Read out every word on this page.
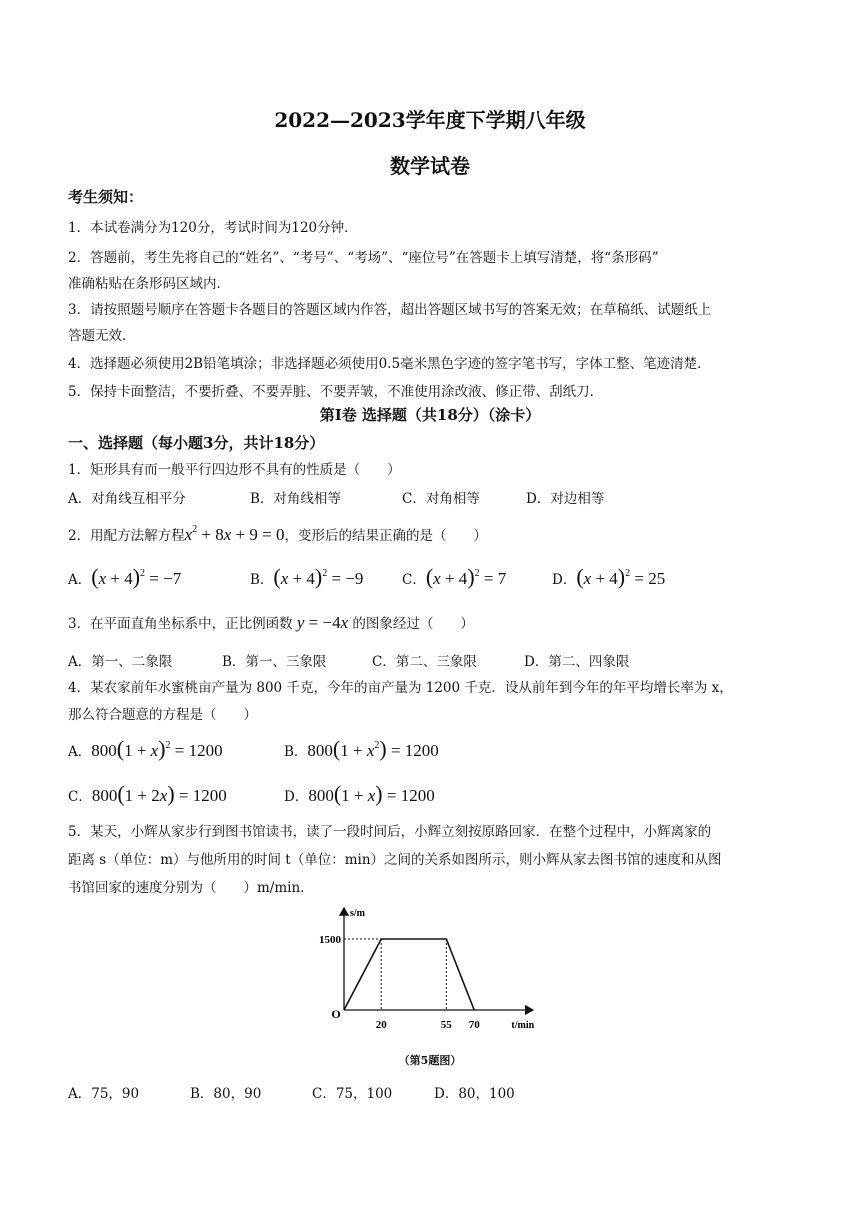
2022—2023学年度下学期八年级
数学试卷
考生须知：
1．本试卷满分为120分，考试时间为120分钟．
2．答题前，考生先将自己的“姓名”、“考号”、“考场”、“座位号”在答题卡上填写清楚，将“条形码”
准确粘贴在条形码区域内．
3．请按照题号顺序在答题卡各题目的答题区域内作答，超出答题区域书写的答案无效；在草稿纸、试题纸上
答题无效．
4．选择题必须使用2B铅笔填涂；非选择题必须使用0.5毫米黑色字迹的签字笔书写，字体工整、笔迹清楚．
5．保持卡面整洁，不要折叠、不要弄脏、不要弄皱，不准使用涂改液、修正带、刮纸刀．
第Ⅰ卷 选择题（共18分）（涂卡）
一、选择题（每小题3分，共计18分）
1．矩形具有而一般平行四边形不具有的性质是（　　）
A．对角线互相平分	B．对角线相等	C．对角相等	D．对边相等
2．用配方法解方程$x^2 + 8x + 9 = 0$，变形后的结果正确的是（　　）
A．$(x + 4)^2 = -7$	B．$(x + 4)^2 = -9$	C．$(x + 4)^2 = 7$	D．$(x + 4)^2 = 25$
3．在平面直角坐标系中，正比例函数 y = −4x 的图象经过（　　）
A．第一、二象限	B．第一、三象限	C．第二、三象限	D．第二、四象限
4．某农家前年水蜜桃亩产量为 800 千克，今年的亩产量为 1200 千克．设从前年到今年的年平均增长率为 x，
那么符合题意的方程是（　　）
A．$800(1 + x)^2 = 1200$	B．$800(1 + x^2) = 1200$
C．800(1 + 2x) = 1200	D．800(1 + x) = 1200
5．某天，小辉从家步行到图书馆读书，读了一段时间后，小辉立刻按原路回家．在整个过程中，小辉离家的
距离 s（单位：m）与他所用的时间 t（单位：min）之间的关系如图所示，则小辉从家去图书馆的速度和从图
书馆回家的速度分别为（　　）m/min．
s/m
t/min
O
1500
20	55 70
（第5题图）
A．75，90	B．80，90	C．75，100	D．80，100
